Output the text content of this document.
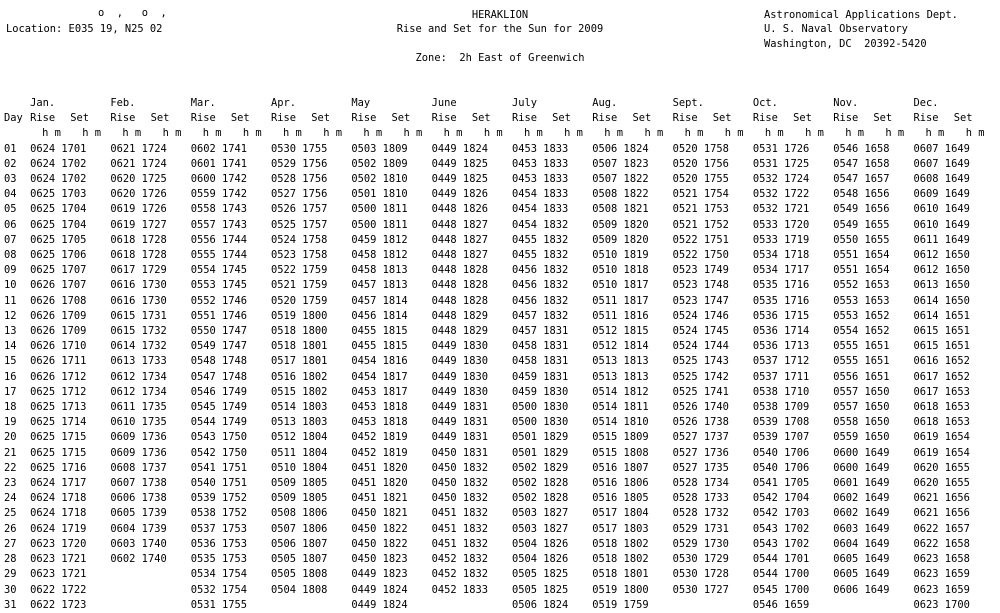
o  ,   o  ,
Location: E035 19, N25 02
HERAKLION
Rise and Set for the Sun for 2009
Zone:  2h East of Greenwich
Astronomical Applications Dept.
U. S. Naval Observatory
Washington, DC  20392-5420
	Jan.		Feb.		Mar.		Apr.		May		June		July		Aug.		Sept.		Oct.		Nov.		Dec.	
Day	Rise	Set	Rise	Set	Rise	Set	Rise	Set	Rise	Set	Rise	Set	Rise	Set	Rise	Set	Rise	Set	Rise	Set	Rise	Set	Rise	Set
	h m	h m	h m	h m	h m	h m	h m	h m	h m	h m	h m	h m	h m	h m	h m	h m	h m	h m	h m	h m	h m	h m	h m	h m
01	0624 1701		0621 1724		0602 1741		0530 1755		0503 1809		0449 1824		0453 1833		0506 1824		0520 1758		0531 1726		0546 1658		0607 1649	
02	0624 1702		0621 1724		0601 1741		0529 1756		0502 1809		0449 1825		0453 1833		0507 1823		0520 1756		0531 1725		0547 1658		0607 1649	
03	0624 1702		0620 1725		0600 1742		0528 1756		0502 1810		0449 1825		0453 1833		0507 1822		0520 1755		0532 1724		0547 1657		0608 1649	
04	0625 1703		0620 1726		0559 1742		0527 1756		0501 1810		0449 1826		0454 1833		0508 1822		0521 1754		0532 1722		0548 1656		0609 1649	
05	0625 1704		0619 1726		0558 1743		0526 1757		0500 1811		0448 1826		0454 1833		0508 1821		0521 1753		0532 1721		0549 1656		0610 1649	
06	0625 1704		0619 1727		0557 1743		0525 1757		0500 1811		0448 1827		0454 1832		0509 1820		0521 1752		0533 1720		0549 1655		0610 1649	
07	0625 1705		0618 1728		0556 1744		0524 1758		0459 1812		0448 1827		0455 1832		0509 1820		0522 1751		0533 1719		0550 1655		0611 1649	
08	0625 1706		0618 1728		0555 1744		0523 1758		0458 1812		0448 1827		0455 1832		0510 1819		0522 1750		0534 1718		0551 1654		0612 1650	
09	0625 1707		0617 1729		0554 1745		0522 1759		0458 1813		0448 1828		0456 1832		0510 1818		0523 1749		0534 1717		0551 1654		0612 1650	
10	0626 1707		0616 1730		0553 1745		0521 1759		0457 1813		0448 1828		0456 1832		0510 1817		0523 1748		0535 1716		0552 1653		0613 1650	
11	0626 1708		0616 1730		0552 1746		0520 1759		0457 1814		0448 1828		0456 1832		0511 1817		0523 1747		0535 1716		0553 1653		0614 1650	
12	0626 1709		0615 1731		0551 1746		0519 1800		0456 1814		0448 1829		0457 1832		0511 1816		0524 1746		0536 1715		0553 1652		0614 1651	
13	0626 1709		0615 1732		0550 1747		0518 1800		0455 1815		0448 1829		0457 1831		0512 1815		0524 1745		0536 1714		0554 1652		0615 1651	
14	0626 1710		0614 1732		0549 1747		0518 1801		0455 1815		0449 1830		0458 1831		0512 1814		0524 1744		0536 1713		0555 1651		0615 1651	
15	0626 1711		0613 1733		0548 1748		0517 1801		0454 1816		0449 1830		0458 1831		0513 1813		0525 1743		0537 1712		0555 1651		0616 1652	
16	0626 1712		0612 1734		0547 1748		0516 1802		0454 1817		0449 1830		0459 1831		0513 1813		0525 1742		0537 1711		0556 1651		0617 1652	
17	0625 1712		0612 1734		0546 1749		0515 1802		0453 1817		0449 1830		0459 1830		0514 1812		0525 1741		0538 1710		0557 1650		0617 1653	
18	0625 1713		0611 1735		0545 1749		0514 1803		0453 1818		0449 1831		0500 1830		0514 1811		0526 1740		0538 1709		0557 1650		0618 1653	
19	0625 1714		0610 1735		0544 1749		0513 1803		0453 1818		0449 1831		0500 1830		0514 1810		0526 1738		0539 1708		0558 1650		0618 1653	
20	0625 1715		0609 1736		0543 1750		0512 1804		0452 1819		0449 1831		0501 1829		0515 1809		0527 1737		0539 1707		0559 1650		0619 1654	
21	0625 1715		0609 1736		0542 1750		0511 1804		0452 1819		0450 1831		0501 1829		0515 1808		0527 1736		0540 1706		0600 1649		0619 1654	
22	0625 1716		0608 1737		0541 1751		0510 1804		0451 1820		0450 1832		0502 1829		0516 1807		0527 1735		0540 1706		0600 1649		0620 1655	
23	0624 1717		0607 1738		0540 1751		0509 1805		0451 1820		0450 1832		0502 1828		0516 1806		0528 1734		0541 1705		0601 1649		0620 1655	
24	0624 1718		0606 1738		0539 1752		0509 1805		0451 1821		0450 1832		0502 1828		0516 1805		0528 1733		0542 1704		0602 1649		0621 1656	
25	0624 1718		0605 1739		0538 1752		0508 1806		0450 1821		0451 1832		0503 1827		0517 1804		0528 1732		0542 1703		0602 1649		0621 1656	
26	0624 1719		0604 1739		0537 1753		0507 1806		0450 1822		0451 1832		0503 1827		0517 1803		0529 1731		0543 1702		0603 1649		0622 1657	
27	0623 1720		0603 1740		0536 1753		0506 1807		0450 1822		0451 1832		0504 1826		0518 1802		0529 1730		0543 1702		0604 1649		0622 1658	
28	0623 1721		0602 1740		0535 1753		0505 1807		0450 1823		0452 1832		0504 1826		0518 1802		0530 1729		0544 1701		0605 1649		0623 1658	
29	0623 1721				0534 1754		0505 1808		0449 1823		0452 1832		0505 1825		0518 1801		0530 1728		0544 1700		0605 1649		0623 1659	
30	0622 1722				0532 1754		0504 1808		0449 1824		0452 1833		0505 1825		0519 1800		0530 1727		0545 1700		0606 1649		0623 1659	
31	0622 1723				0531 1755				0449 1824				0506 1824		0519 1759				0546 1659				0623 1700	
